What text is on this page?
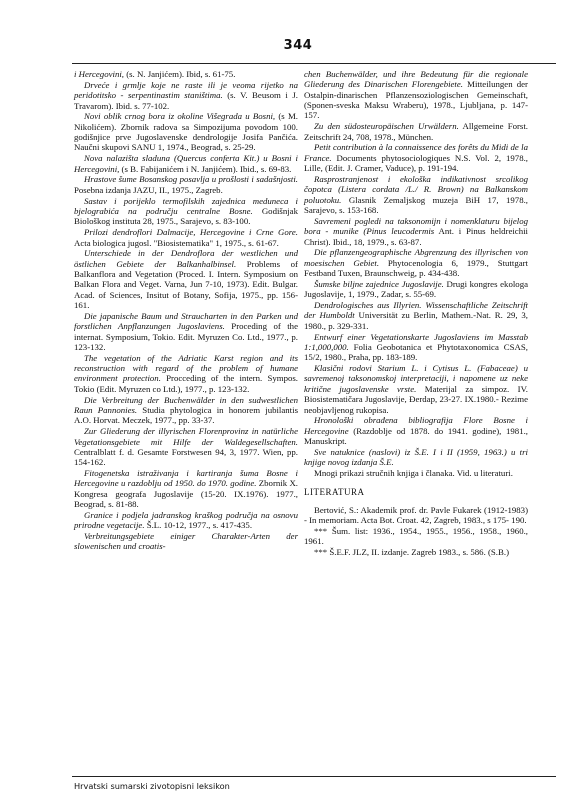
344
i Hercegovini, (s. N. Janjićem). Ibid, s. 61-75.
Drveće i grmlje koje ne raste ili je veoma rijetko na peridotitsko - serpentinastim staništima. (s. V. Beusom i J. Travarom). Ibid. s. 77-102.
Novi oblik crnog bora iz okoline Višegrada u Bosni, (s M. Nikolićem). Zbornik radova sa Simpozijuma povodom 100. godišnjice prve Jugoslavenske dendrologije Josifa Pančića. Naučni skupovi SANU 1, 1974., Beograd, s. 25-29.
Nova nalazišta sladuna (Quercus conferta Kit.) u Bosni i Hercegovini, (s B. Fabijanićem i N. Janjićem). Ibid., s. 69-83.
Hrastove šume Bosanskog posavlja u prošlosti i sadašnjosti. Posebna izdanja JAZU, II., 1975., Zagreb.
Sastav i porijeklo termofilskih zajednica meduneca i bjelograbića na području centralne Bosne. Godišnjak Biološkog instituta 28, 1975., Sarajevo, s. 83-100.
Prilozi dendroflori Dalmacije, Hercegovine i Crne Gore. Acta biologica jugosl. "Biosistematika" 1, 1975., s. 61-67.
Unterschiede in der Dendroflora der westlichen und östlichen Gebiete der Balkanhalbinsel. Problems of Balkanflora and Vegetation (Proced. I. Intern. Symposium on Balkan Flora and Veget. Varna, Jun 7-10, 1973). Edit. Bulgar. Acad. of Sciences, Insitut of Botany, Sofija, 1975., pp. 156-161.
Die japanische Baum und Straucharten in den Parken und forstlichen Anpflanzungen Jugoslaviens. Proceding of the internat. Symposium, Tokio. Edit. Myruzen Co. Ltd., 1977., p. 123-132.
The vegetation of the Adriatic Karst region and its reconstruction with regard of the problem of humane environment protection. Procceding of the intern. Sympos. Tokio (Edit. Myruzen co Ltd.), 1977., p. 123-132.
Die Verbreitung der Buchenwälder in den sudwestlichen Raun Pannonies. Studia phytologica in honorem jubilantis A.O. Horvat. Meczek, 1977., pp. 33-37.
Zur Gliederung der illyrischen Florenprovinz in natürliche Vegetationsgebiete mit Hilfe der Waldegesellschaften. Centralblatt f. d. Gesamte Forstwesen 94, 3, 1977. Wien, pp. 154-162.
Fitogenetska istraživanja i kartiranja šuma Bosne i Hercegovine u razdoblju od 1950. do 1970. godine. Zbornik X. Kongresa geografa Jugoslavije (15-20. IX.1976). 1977., Beograd, s. 81-88.
Granice i podjela jadranskog kraškog područja na osnovu prirodne vegetacije. Š.L. 10-12, 1977., s. 417-435.
Verbreitungsgebiete einiger Charakter-Arten der slowenischen und croatis-
chen Buchenwälder, und ihre Bedeutung für die regionale Gliederung des Dinarischen Florengebiete. Mitteilungen der Ostalpin-dinarischen Pflanzensoziologischen Gemeinschaft, (Sponen-sveska Maksu Wraberu), 1978., Ljubljana, p. 147-157.
Zu den südosteuropäischen Urwäldern. Allgemeine Forst. Zeitschrift 24, 708, 1978., München.
Petit contribution à la connaissence des forêts du Midi de la France. Documents phytosociologiques N.S. Vol. 2, 1978., Lille, (Edit. J. Cramer, Vaduce), p. 191-194.
Rasprostranjenost i ekološka indikativnost srcolikog čopotca (Listera cordata /L./ R. Brown) na Balkanskom poluotoku. Glasnik Zemaljskog muzeja BiH 17, 1978., Sarajevo, s. 153-168.
Savremeni pogledi na taksonomijn i nomenklaturu bijelog bora - munike (Pinus leucodermis Ant. i Pinus heldreichii Christ). Ibid., 18, 1979., s. 63-87.
Die pflanzengeographische Abgrenzung des illyrischen von moesischen Gebiet. Phytocenologia 6, 1979., Stuttgart Festband Tuxen, Braunschweig, p. 434-438.
Šumske biljne zajednice Jugoslavije. Drugi kongres ekologa Jugoslavije, 1, 1979., Zadar, s. 55-69.
Dendrologisches aus Illyrien. Wissenschaftliche Zeitschrift der Humboldt Universität zu Berlin, Mathem.-Nat. R. 29, 3, 1980., p. 329-331.
Entwurf einer Vegetationskarte Jugoslaviens im Masstab 1:1,000,000. Folia Geobotanica et Phytotaxonomica CSAS, 15/2, 1980., Praha, pp. 183-189.
Klasični rodovi Starium L. i Cytisus L. (Fabaceae) u savremenoj taksonomskoj interpretaciji, i napomene uz neke kritične jugoslavenske vrste. Materijal za simpoz. IV. Biosistematičara Jugoslavije, Đerdap, 23-27. IX.1980.- Rezime neobjavljenog rukopisa.
Hronološki obrađena bibliografija Flore Bosne i Hercegovine (Razdoblje od 1878. do 1941. godine), 1981., Manuskript.
Sve natuknice (naslovi) iz Š.E. I i II (1959, 1963.) u tri knjige novog izdanja Š.E.
Mnogi prikazi stručnih knjiga i članaka. Vid. u literaturi.
LITERATURA
Bertović, S.: Akademik prof. dr. Pavle Fukarek (1912-1983) - In memoriam. Acta Bot. Croat. 42, Zagreb, 1983., s 175- 190.
*** Šum. list: 1936., 1954., 1955., 1956., 1958., 1960., 1961.
*** Š.E.F. JLZ, II. izdanje. Zagreb 1983., s. 586. (S.B.)
Hrvatski sumarski zivotopisni leksikon
